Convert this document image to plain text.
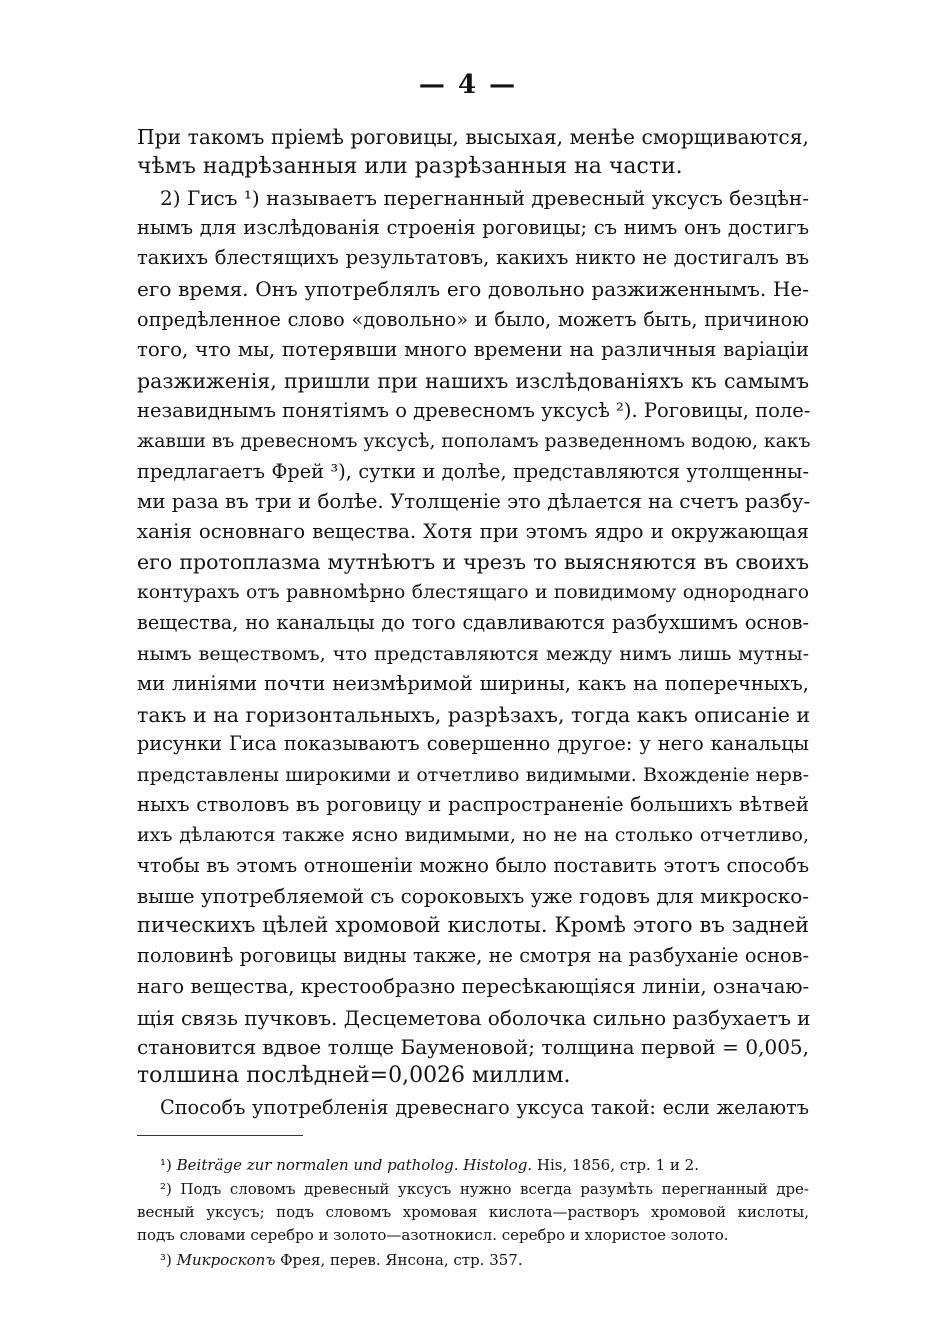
— 4 —
При такомъ пріемѣ роговицы, высыхая, менѣе сморщиваются,
чѣмъ надрѣзанныя или разрѣзанныя на части.
2) Гисъ ¹) называетъ перегнанный древесный уксусъ безцѣн-
нымъ для изслѣдованія строенія роговицы; съ нимъ онъ достигъ
такихъ блестящихъ результатовъ, какихъ никто не достигалъ въ
его время. Онъ употреблялъ его довольно разжиженнымъ. Не-
опредѣленное слово «довольно» и было, можетъ быть, причиною
того, что мы, потерявши много времени на различныя варіаціи
разжиженія, пришли при нашихъ изслѣдованіяхъ къ самымъ
незавиднымъ понятіямъ о древесномъ уксусѣ ²). Роговицы, поле-
жавши въ древесномъ уксусѣ, пополамъ разведенномъ водою, какъ
предлагаетъ Фрей ³), сутки и долѣе, представляются утолщенны-
ми раза въ три и болѣе. Утолщеніе это дѣлается на счетъ разбу-
ханія основнаго вещества. Хотя при этомъ ядро и окружающая
его протоплазма мутнѣютъ и чрезъ то выясняются въ своихъ
контурахъ отъ равномѣрно блестящаго и повидимому однороднаго
вещества, но канальцы до того сдавливаются разбухшимъ основ-
нымъ веществомъ, что представляются между нимъ лишь мутны-
ми линіями почти неизмѣримой ширины, какъ на поперечныхъ,
такъ и на горизонтальныхъ, разрѣзахъ, тогда какъ описаніе и
рисунки Гиса показываютъ совершенно другое: у него канальцы
представлены широкими и отчетливо видимыми. Вхожденіе нерв-
ныхъ стволовъ въ роговицу и распространеніе большихъ вѣтвей
ихъ дѣлаются также ясно видимыми, но не на столько отчетливо,
чтобы въ этомъ отношеніи можно было поставить этотъ способъ
выше употребляемой съ сороковыхъ уже годовъ для микроско-
пическихъ цѣлей хромовой кислоты. Кромѣ этого въ задней
половинѣ роговицы видны также, не смотря на разбуханіе основ-
наго вещества, крестообразно пересѣкающіяся линіи, означаю-
щія связь пучковъ. Десцеметова оболочка сильно разбухаетъ и
становится вдвое толще Бауменовой; толщина первой = 0,005,
толшина послѣдней=0,0026 миллим.
Способъ употребленія древеснаго уксуса такой: если желаютъ
¹) Beiträge zur normalen und patholog. Histolog. His, 1856, стр. 1 и 2.
²) Подъ словомъ древесный уксусъ нужно всегда разумѣть перегнанный дре-
весный уксусъ; подъ словомъ хромовая кислота—растворъ хромовой кислоты,
подъ словами серебро и золото—азотнокисл. серебро и хлористое золото.
³) Микроскопъ Фрея, перев. Янсона, стр. 357.
